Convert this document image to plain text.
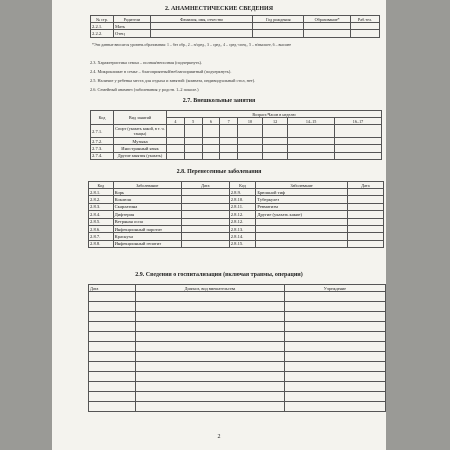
2. АНАМНЕСТИЧЕСКИЕ СВЕДЕНИЯ
№ стр.	Родители	Фамилия, имя, отчество	Год рождения	Образование*	Раб.тел.
2.2.1.	Мать				
2.2.2.	Отец				
*Эти данные вносятся уровень образования: 1 – без обр., 2 – н/сред., 3 – сред., 4 – сред.-спец., 5 – н/высшее, 6 – высшее
2.3. Характеристика семьи – полная/неполная (подчеркнуть).
2.4. Микроклимат в семье – благоприятный/неблагоприятный (подчеркнуть).
2.5. Наличие у ребенка места для отдыха и занятий: (комната, индивидуальный стол, нет).
2.6. Семейный анамнез (заболевания у родств. 1–2 поколе.)
2.7. Внешкольные занятия
Код	Вид занятий	Возраст/Часов в неделю							
		4	5	6	7	10	12	14–15	16–17
2.7.1.	Спорт (указать какой, в т. ч. танцы)								
2.7.2.	Музыка								
2.7.3.	Иностранный язык								
2.7.4.	Другие занятия (указать)								
2.8. Перенесенные заболевания
Код	Заболевание	Дата	Код	Заболевание	Дата
2.8.1.	Корь		2.8.9.	Брюшной тиф	
2.8.2.	Коклюш		2.8.10.	Туберкулез	
2.8.3.	Скарлатина		2.8.11.	Ревматизм	
2.8.4.	Дифтерия		2.8.12.	Другие (указать какие)	
2.8.5.	Ветряная оспа		2.8.12.		
2.8.6.	Инфекционный паротит		2.8.13.		
2.8.7.	Краснуха		2.8.14.		
2.8.8.	Инфекционный гепатит		2.8.15.		
2.9. Сведения о госпитализации (включая травмы, операции)
Дата	Диагноз, вид вмешательства	Учреждение

2
